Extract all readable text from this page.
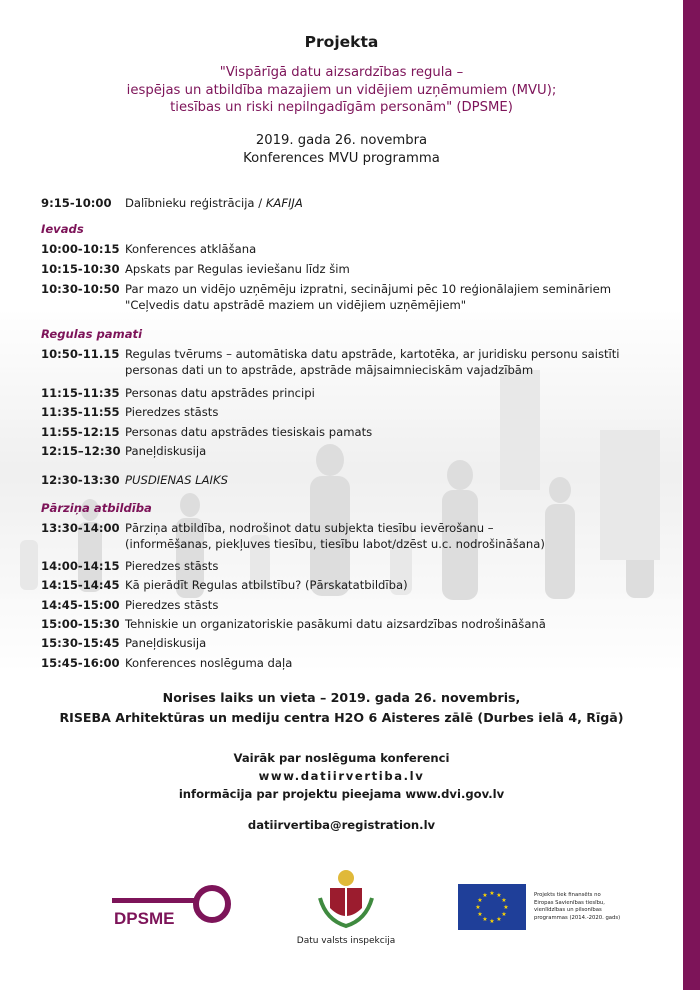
Projekta
"Vispārīgā datu aizsardzības regula –
iespējas un atbildība mazajiem un vidējiem uzņēmumiem (MVU);
tiesības un riski nepilngadīgām personām" (DPSME)
2019. gada 26. novembra
Konferences MVU programma
9:15-10:00 Dalībnieku reģistrācija / KAFIJA
Ievads
10:00-10:15 Konferences atklāšana
10:15-10:30 Apskats par Regulas ieviešanu līdz šim
10:30-10:50 Par mazo un vidējo uzņēmēju izpratni, secinājumi pēc 10 reģionālajiem semināriem
"Ceļvedis datu apstrādē maziem un vidējiem uzņēmējiem"
Regulas pamati
10:50-11.15 Regulas tvērums – automātiska datu apstrāde, kartotēka, ar juridisku personu saistīti
personas dati un to apstrāde, apstrāde mājsaimnieciskām vajadzībām
11:15-11:35 Personas datu apstrādes principi
11:35-11:55 Pieredzes stāsts
11:55-12:15 Personas datu apstrādes tiesiskais pamats
12:15–12:30 Paneļdiskusija
12:30-13:30 PUSDIENAS LAIKS
Pārziņa atbildība
13:30-14:00 Pārziņa atbildība, nodrošinot datu subjekta tiesību ievērošanu –
(informēšanas, piekļuves tiesību, tiesību labot/dzēst u.c. nodrošināšana)
14:00-14:15 Pieredzes stāsts
14:15-14:45 Kā pierādīt Regulas atbilstību? (Pārskatatbildība)
14:45-15:00 Pieredzes stāsts
15:00-15:30 Tehniskie un organizatoriskie pasākumi datu aizsardzības nodrošināšanā
15:30-15:45 Paneļdiskusija
15:45-16:00 Konferences noslēguma daļa
Norises laiks un vieta – 2019. gada 26. novembris,
RISEBA Arhitektūras un mediju centra H2O 6 Aisteres zālē (Durbes ielā 4, Rīgā)
Vairāk par noslēguma konferenci
www.datiirvertiba.lv
informācija par projektu pieejama www.dvi.gov.lv
datiirvertiba@registration.lv
DPSME
Datu valsts inspekcija
★ ★
★
★
★
★
★
★
★
★
★
★	Projekts tiek finansēts no
Eiropas Savienības tiesību,
vienlīdzības un pilsonības
programmas (2014.-2020. gads)
